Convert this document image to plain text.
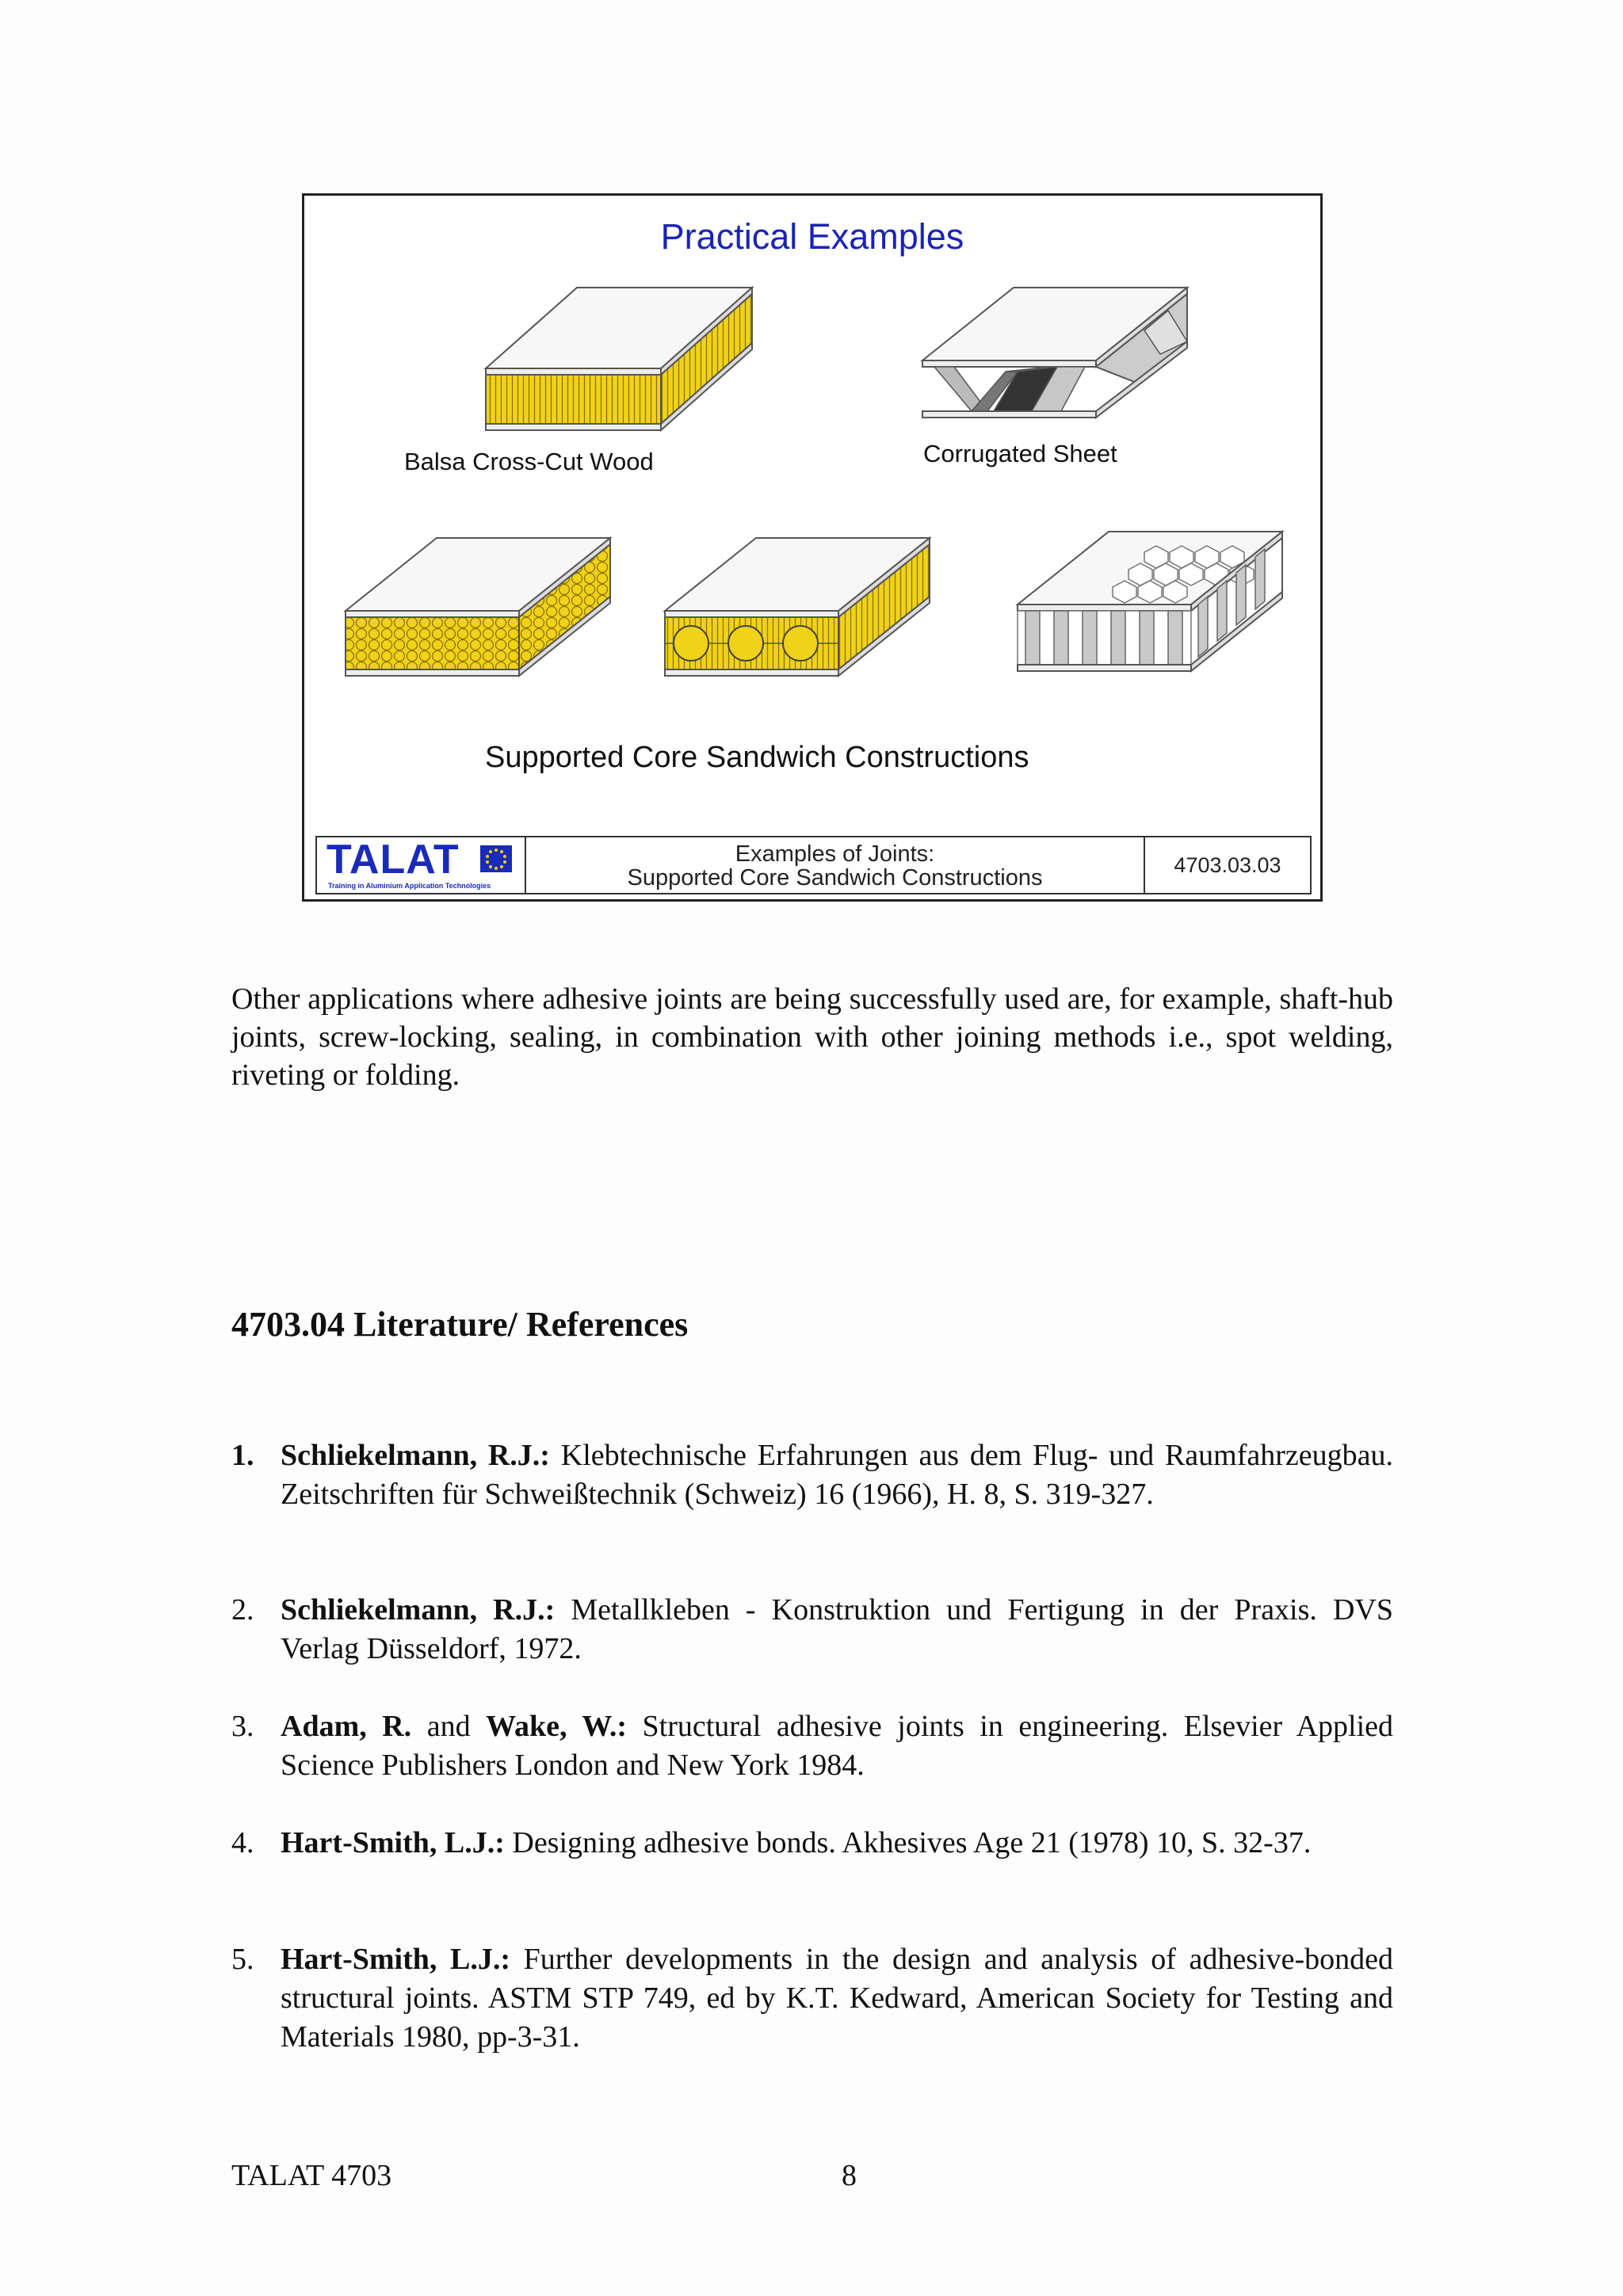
Practical Examples
Balsa Cross-Cut Wood	Corrugated Sheet
Supported Core Sandwich Constructions
TALAT
Training in Aluminium Application Technologies
Examples of Joints:
Supported Core Sandwich Constructions
4703.03.03

Other applications where adhesive joints are being successfully used are, for example, shaft-hub joints, screw-locking, sealing, in combination with other joining methods i.e., spot welding, riveting or folding.

4703.04 Literature/ References
1. Schliekelmann, R.J.: Klebtechnische Erfahrungen aus dem Flug- und Raumfahrzeugbau. Zeitschriften für Schweißtechnik (Schweiz) 16 (1966), H. 8, S. 319-327.
2. Schliekelmann, R.J.: Metallkleben - Konstruktion und Fertigung in der Praxis. DVS Verlag Düsseldorf, 1972.
3. Adam, R. and Wake, W.: Structural adhesive joints in engineering. Elsevier Applied Science Publishers London and New York 1984.
4. Hart-Smith, L.J.: Designing adhesive bonds. Akhesives Age 21 (1978) 10, S. 32-37.
5. Hart-Smith, L.J.: Further developments in the design and analysis of adhesive-bonded structural joints. ASTM STP 749, ed by K.T. Kedward, American Society for Testing and Materials 1980, pp-3-31.
TALAT 4703	8
